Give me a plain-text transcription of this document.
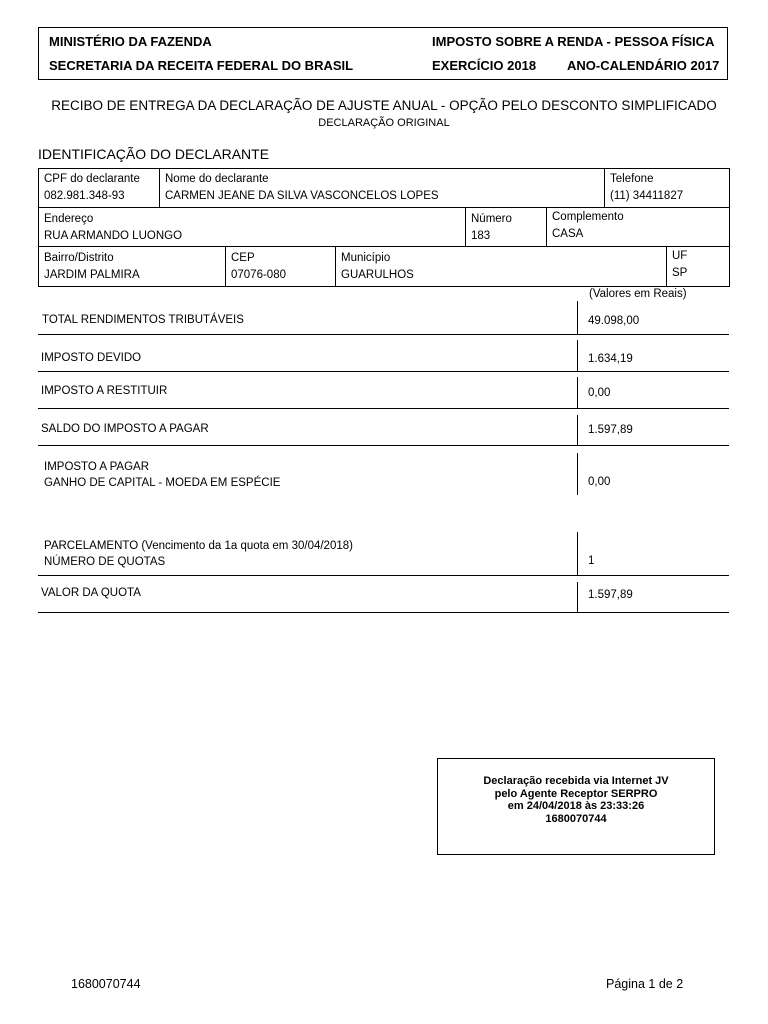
MINISTÉRIO DA FAZENDA
SECRETARIA DA RECEITA FEDERAL DO BRASIL
IMPOSTO SOBRE A RENDA - PESSOA FÍSICA
EXERCÍCIO 2018 ANO-CALENDÁRIO 2017
RECIBO DE ENTREGA DA DECLARAÇÃO DE AJUSTE ANUAL - OPÇÃO PELO DESCONTO SIMPLIFICADO
DECLARAÇÃO ORIGINAL
IDENTIFICAÇÃO DO DECLARANTE
CPF do declarante
082.981.348-93

Nome do declarante
CARMEN JEANE DA SILVA VASCONCELOS LOPES

Telefone
(11) 34411827
Endereço
RUA ARMANDO LUONGO

Número
183

Complemento
CASA
Bairro/Distrito
JARDIM PALMIRA

CEP
07076-080

Município
GUARULHOS

UF
SP
(Valores em Reais)
TOTAL RENDIMENTOS TRIBUTÁVEIS	49.098,00
IMPOSTO DEVIDO	1.634,19
IMPOSTO A RESTITUIR	0,00
SALDO DO IMPOSTO A PAGAR	1.597,89
IMPOSTO A PAGAR
GANHO DE CAPITAL - MOEDA EM ESPÉCIE	0,00
PARCELAMENTO (Vencimento da 1a quota em 30/04/2018)
NÚMERO DE QUOTAS	1
VALOR DA QUOTA	1.597,89
Declaração recebida via Internet JV
pelo Agente Receptor SERPRO
em 24/04/2018 às 23:33:26
1680070744
1680070744	Página 1 de 2
